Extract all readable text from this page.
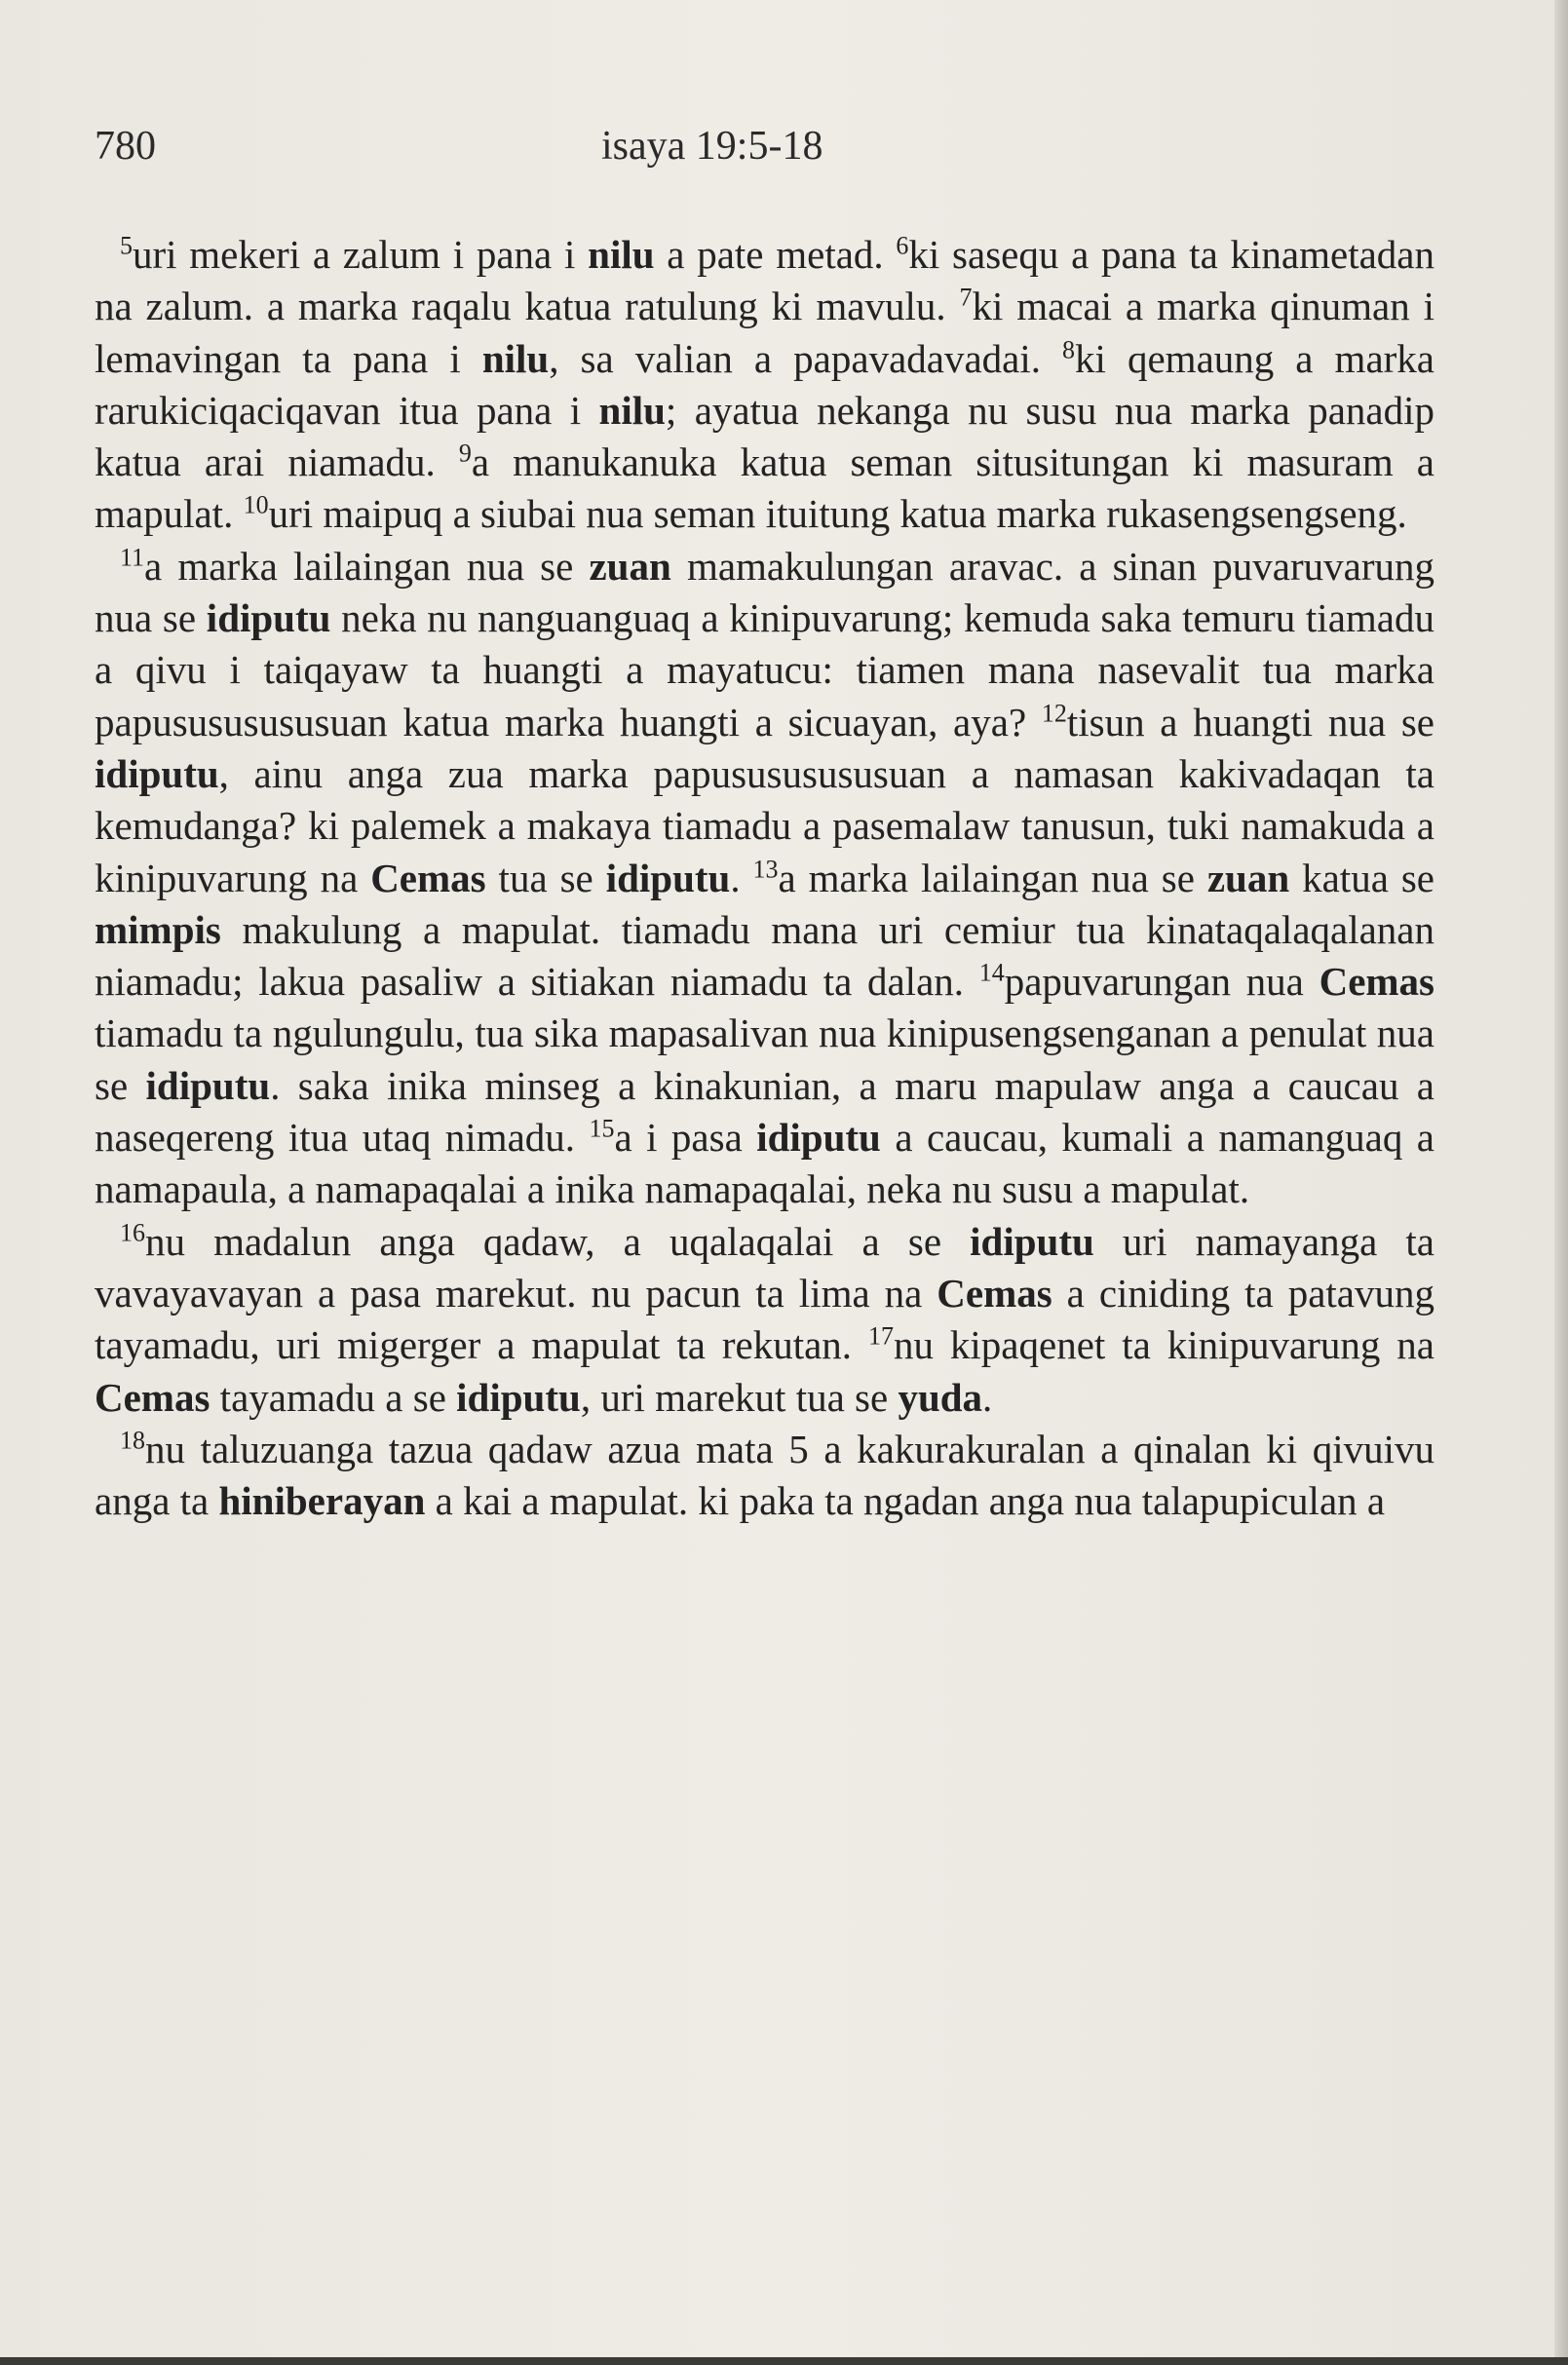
780	isaya 19:5-18

$^5$uri mekeri a zalum i pana i nilu a pate metad. $^6$ki sasequ a pana ta kinametadan na zalum. a marka raqalu katua ratulung ki mavulu. $^7$ki macai a marka qinuman i lemavingan ta pana i nilu, sa valian a papavadavadai. $^8$ki qemaung a marka rarukiciqaciqavan itua pana i nilu; ayatua nekanga nu susu nua marka panadip katua arai niamadu. $^9$a manukanuka katua seman situsitungan ki masuram a mapulat. $^{10}$uri maipuq a siubai nua seman ituitung katua marka rukasengsengseng.

$^{11}$a marka lailaingan nua se zuan mamakulungan aravac. a sinan puvaruvarung nua se idiputu neka nu nanguanguaq a kinipuvarung; kemuda saka temuru tiamadu a qivu i taiqayaw ta huangti a mayatucu: tiamen mana nasevalit tua marka papusususususuan katua marka huangti a sicuayan, aya? $^{12}$tisun a huangti nua se idiputu, ainu anga zua marka papusususususuan a namasan kakivadaqan ta kemudanga? ki palemek a makaya tiamadu a pasemalaw tanusun, tuki namakuda a kinipuvarung na Cemas tua se idiputu. $^{13}$a marka lailaingan nua se zuan katua se mimpis makulung a mapulat. tiamadu mana uri cemiur tua kinataqalaqalanan niamadu; lakua pasaliw a sitiakan niamadu ta dalan. $^{14}$papuvarungan nua Cemas tiamadu ta ngulungulu, tua sika mapasalivan nua kinipusengsenganan a penulat nua se idiputu. saka inika minseg a kinakunian, a maru mapulaw anga a caucau a naseqereng itua utaq nimadu. $^{15}$a i pasa idiputu a caucau, kumali a namanguaq a namapaula, a namapaqalai a inika namapaqalai, neka nu susu a mapulat.

$^{16}$nu madalun anga qadaw, a uqalaqalai a se idiputu uri namayanga ta vavayavayan a pasa marekut. nu pacun ta lima na Cemas a ciniding ta patavung tayamadu, uri migerger a mapulat ta rekutan. $^{17}$nu kipaqenet ta kinipuvarung na Cemas tayamadu a se idiputu, uri marekut tua se yuda.

$^{18}$nu taluzuanga tazua qadaw azua mata 5 a kakurakuralan a qinalan ki qivuivu anga ta hiniberayan a kai a mapulat. ki paka ta ngadan anga nua talapupiculan a
